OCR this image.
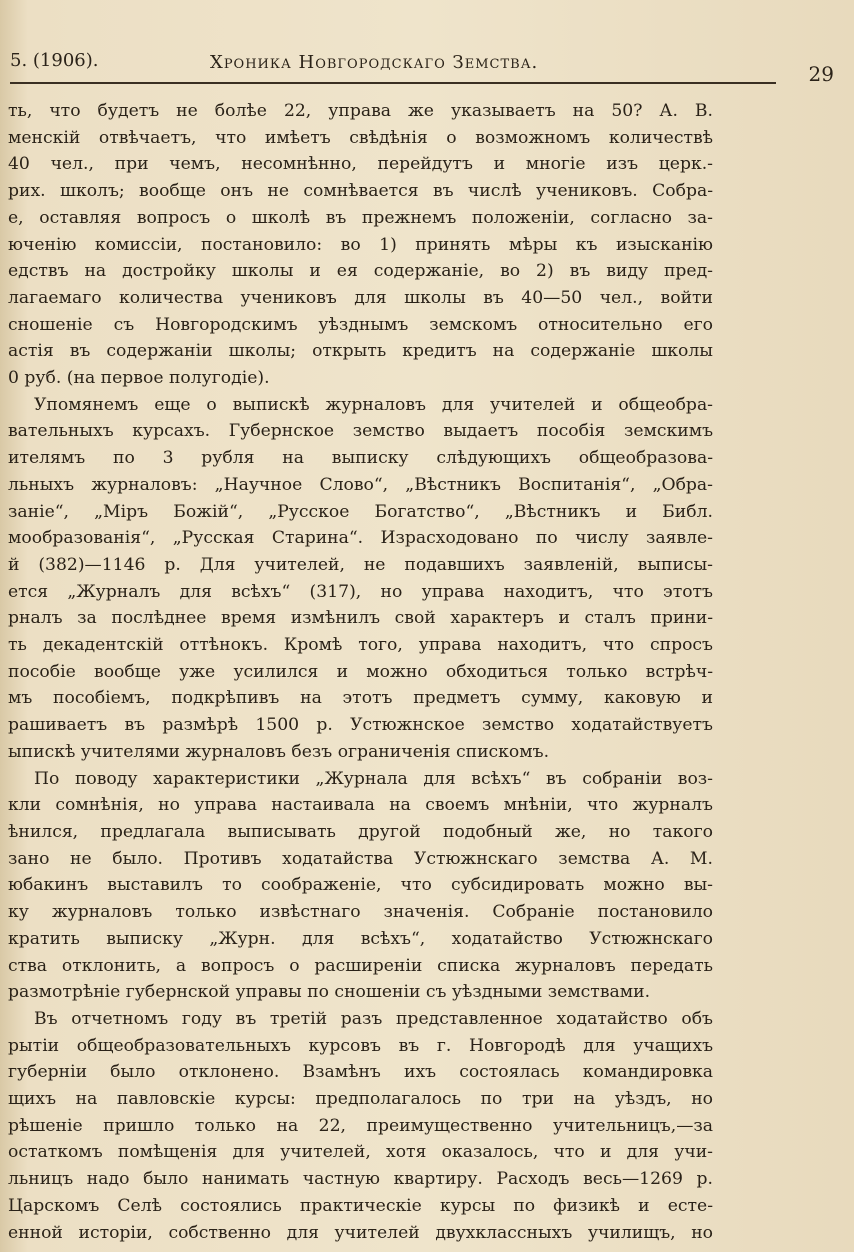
5. (1906).	Хроника Новгородскаго Земства.	29
ть, что будетъ не болѣе 22, управа же указываетъ на 50? А. В.
менскій отвѣчаетъ, что имѣетъ свѣдѣнія о возможномъ количествѣ
40 чел., при чемъ, несомнѣнно, перейдутъ и многіе изъ церк.-
рих. школъ; вообще онъ не сомнѣвается въ числѣ учениковъ. Собра-
е, оставляя вопросъ о школѣ въ прежнемъ положеніи, согласно за-
юченію комиссіи, постановило: во 1) принять мѣры къ изысканію
едствъ на достройку школы и ея содержаніе, во 2) въ виду пред-
лагаемаго количества учениковъ для школы въ 40—50 чел., войти
сношеніе съ Новгородскимъ уѣзднымъ земскомъ относительно его
астія въ содержаніи школы; открыть кредитъ на содержаніе школы
0 руб. (на первое полугодіе).
Упомянемъ еще о выпискѣ журналовъ для учителей и общеобра-
вательныхъ курсахъ. Губернское земство выдаетъ пособія земскимъ
ителямъ по 3 рубля на выписку слѣдующихъ общеобразова-
льныхъ журналовъ: „Научное Слово“, „Вѣстникъ Воспитанія“, „Обра-
заніе“, „Міръ Божій“, „Русское Богатство“, „Вѣстникъ и Библ.
мообразованія“, „Русская Старина“. Израсходовано по числу заявле-
й (382)—1146 р. Для учителей, не подавшихъ заявленій, выписы-
ется „Журналъ для всѣхъ“ (317), но управа находитъ, что этотъ
рналъ за послѣднее время измѣнилъ свой характеръ и сталъ прини-
ть декадентскій оттѣнокъ. Кромѣ того, управа находитъ, что спросъ
пособіе вообще уже усилился и можно обходиться только встрѣч-
мъ пособіемъ, подкрѣпивъ на этотъ предметъ сумму, каковую и
рашиваетъ въ размѣрѣ 1500 р. Устюжнское земство ходатайствуетъ
ыпискѣ учителями журналовъ безъ ограниченія спискомъ.
По поводу характеристики „Журнала для всѣхъ“ въ собраніи воз-
кли сомнѣнія, но управа настаивала на своемъ мнѣніи, что журналъ
ѣнился, предлагала выписывать другой подобный же, но такого
зано не было. Противъ ходатайства Устюжнскаго земства А. М.
юбакинъ выставилъ то соображеніе, что субсидировать можно вы-
ку журналовъ только извѣстнаго значенія. Собраніе постановило
кратить выписку „Журн. для всѣхъ“, ходатайство Устюжнскаго
ства отклонить, а вопросъ о расширеніи списка журналовъ передать
размотрѣніе губернской управы по сношеніи съ уѣздными земствами.
Въ отчетномъ году въ третій разъ представленное ходатайство объ
рытіи общеобразовательныхъ курсовъ въ г. Новгородѣ для учащихъ
губерніи было отклонено. Взамѣнъ ихъ состоялась командировка
щихъ на павловскіе курсы: предполагалось по три на уѣздъ, но
рѣшеніе пришло только на 22, преимущественно учительницъ,—за
остаткомъ помѣщенія для учителей, хотя оказалось, что и для учи-
льницъ надо было нанимать частную квартиру. Расходъ весь—1269 р.
Царскомъ Селѣ состоялись практическіе курсы по физикѣ и есте-
енной исторіи, собственно для учителей двухклассныхъ училищъ, но
